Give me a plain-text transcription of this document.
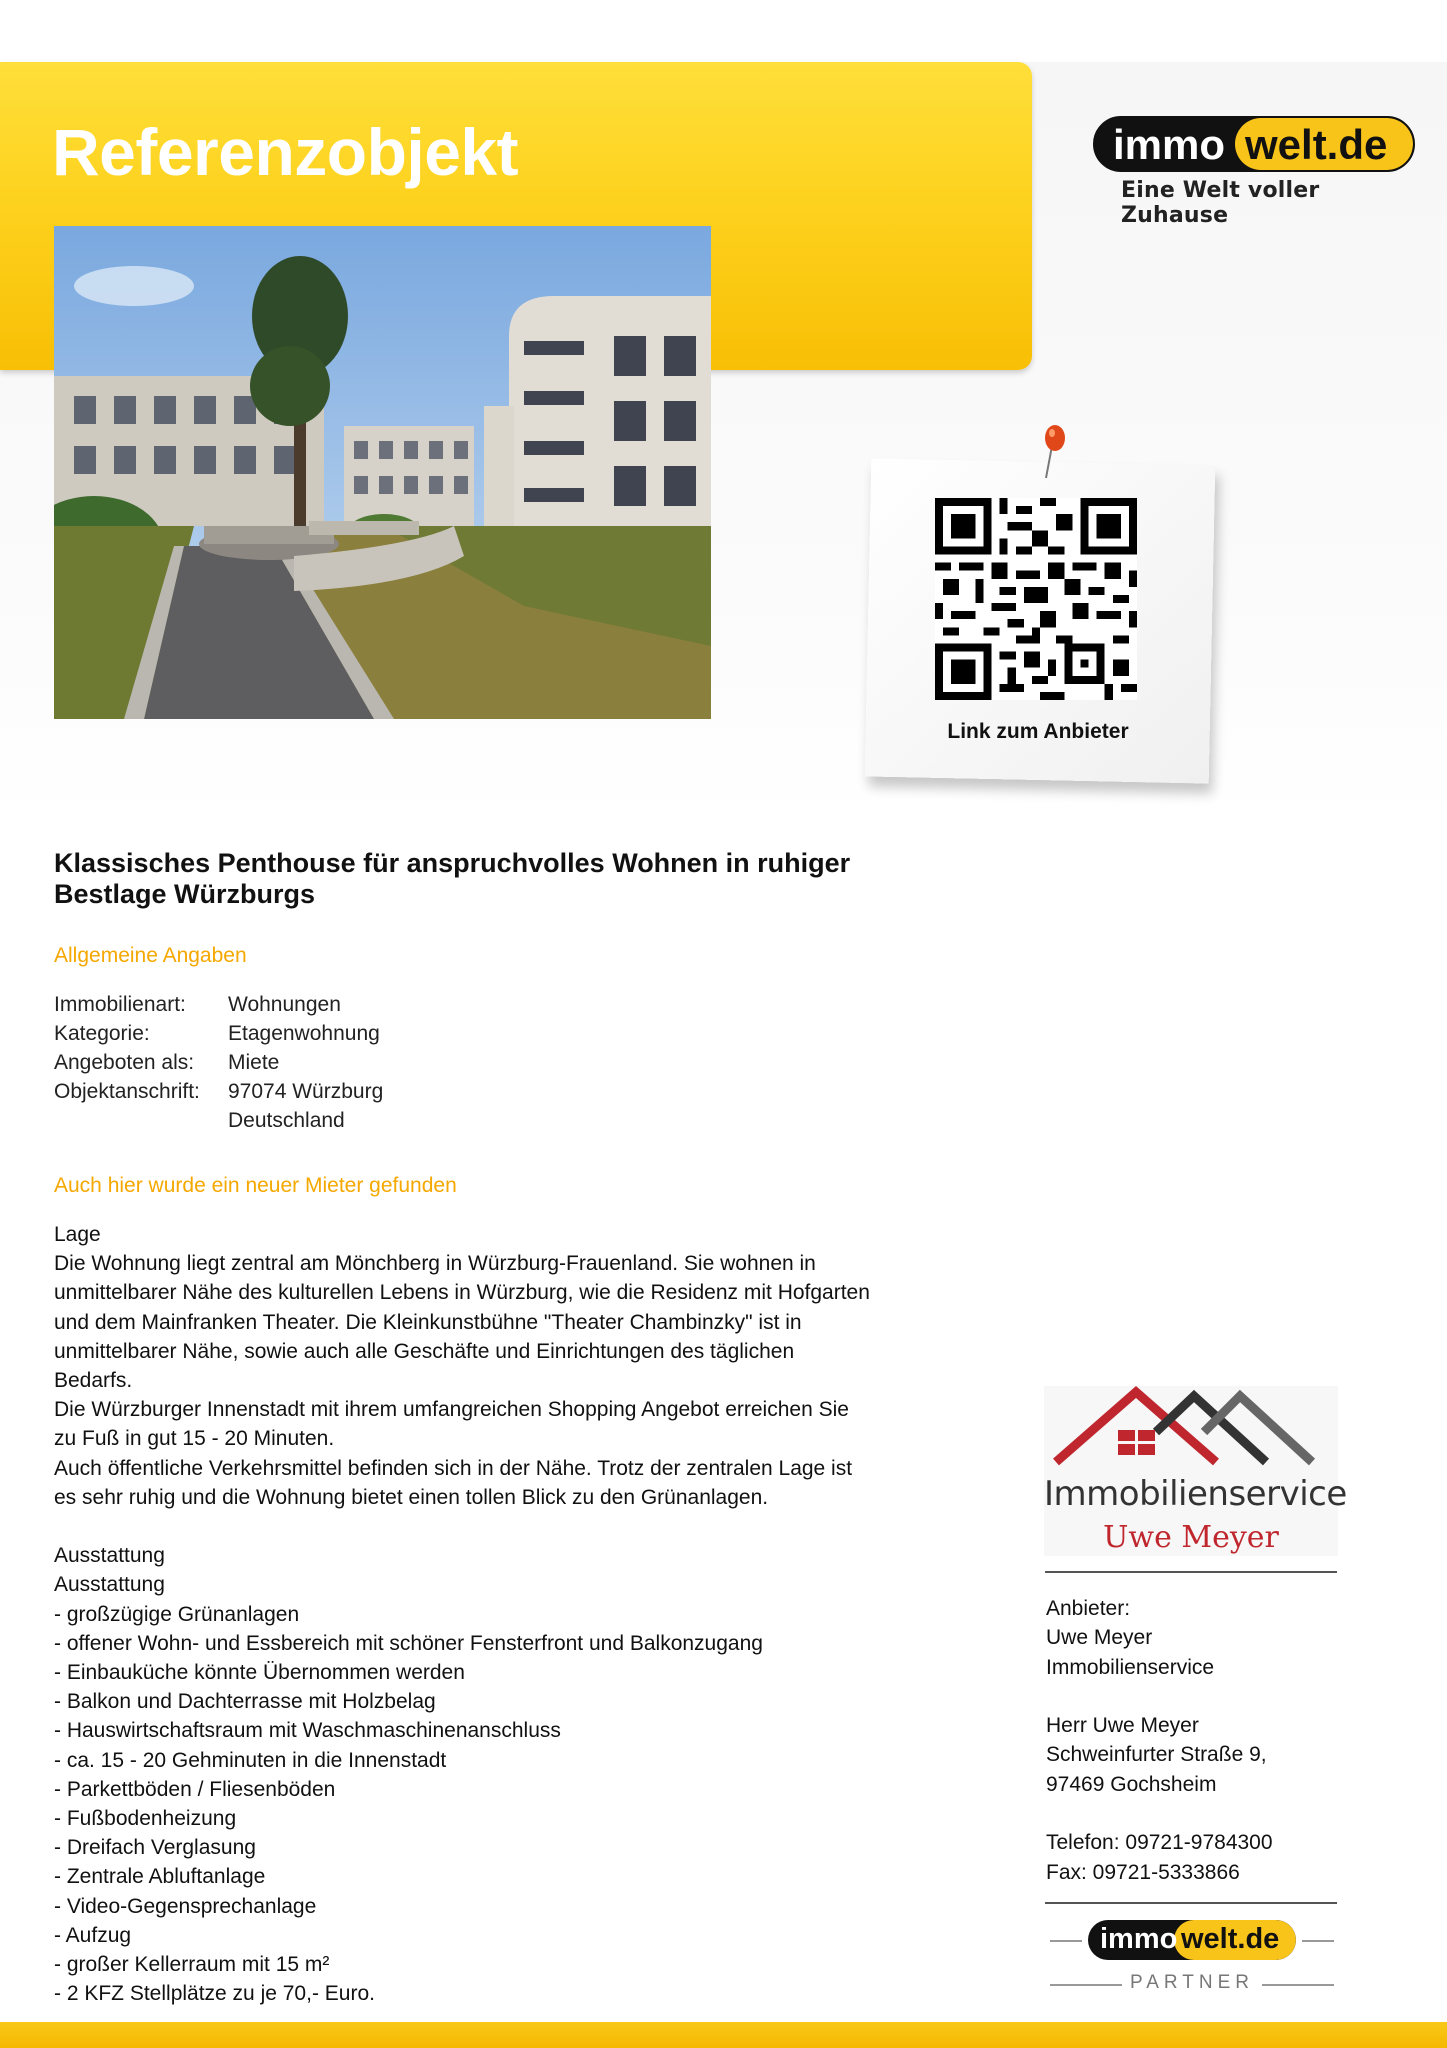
Referenzobjekt	immo welt.de
Eine Welt voller Zuhause
Link zum Anbieter
Klassisches Penthouse für anspruchvolles Wohnen in ruhiger Bestlage Würzburgs
Allgemeine Angaben
Immobilienart:	Wohnungen
Kategorie:	Etagenwohnung
Angeboten als:	Miete
Objektanschrift:	97074 Würzburg
Deutschland
Auch hier wurde ein neuer Mieter gefunden

Lage
Die Wohnung liegt zentral am Mönchberg in Würzburg-Frauenland. Sie wohnen in
unmittelbarer Nähe des kulturellen Lebens in Würzburg, wie die Residenz mit Hofgarten
und dem Mainfranken Theater. Die Kleinkunstbühne "Theater Chambinzky" ist in
unmittelbarer Nähe, sowie auch alle Geschäfte und Einrichtungen des täglichen
Bedarfs.
Die Würzburger Innenstadt mit ihrem umfangreichen Shopping Angebot erreichen Sie
zu Fuß in gut 15 - 20 Minuten.
Auch öffentliche Verkehrsmittel befinden sich in der Nähe. Trotz der zentralen Lage ist
es sehr ruhig und die Wohnung bietet einen tollen Blick zu den Grünanlagen.

Ausstattung
Ausstattung
- großzügige Grünanlagen
- offener Wohn- und Essbereich mit schöner Fensterfront und Balkonzugang
- Einbauküche könnte Übernommen werden
- Balkon und Dachterrasse mit Holzbelag
- Hauswirtschaftsraum mit Waschmaschinenanschluss
- ca. 15 - 20 Gehminuten in die Innenstadt
- Parkettböden / Fliesenböden
- Fußbodenheizung
- Dreifach Verglasung
- Zentrale Abluftanlage
- Video-Gegensprechanlage
- Aufzug
- großer Kellerraum mit 15 m²
- 2 KFZ Stellplätze zu je 70,- Euro.

Immobilienservice
Uwe Meyer
Anbieter:
Uwe Meyer
Immobilienservice
Herr Uwe Meyer
Schweinfurter Straße 9,
97469 Gochsheim
Telefon: 09721-9784300
Fax: 09721-5333866
immo welt.de
PARTNER
